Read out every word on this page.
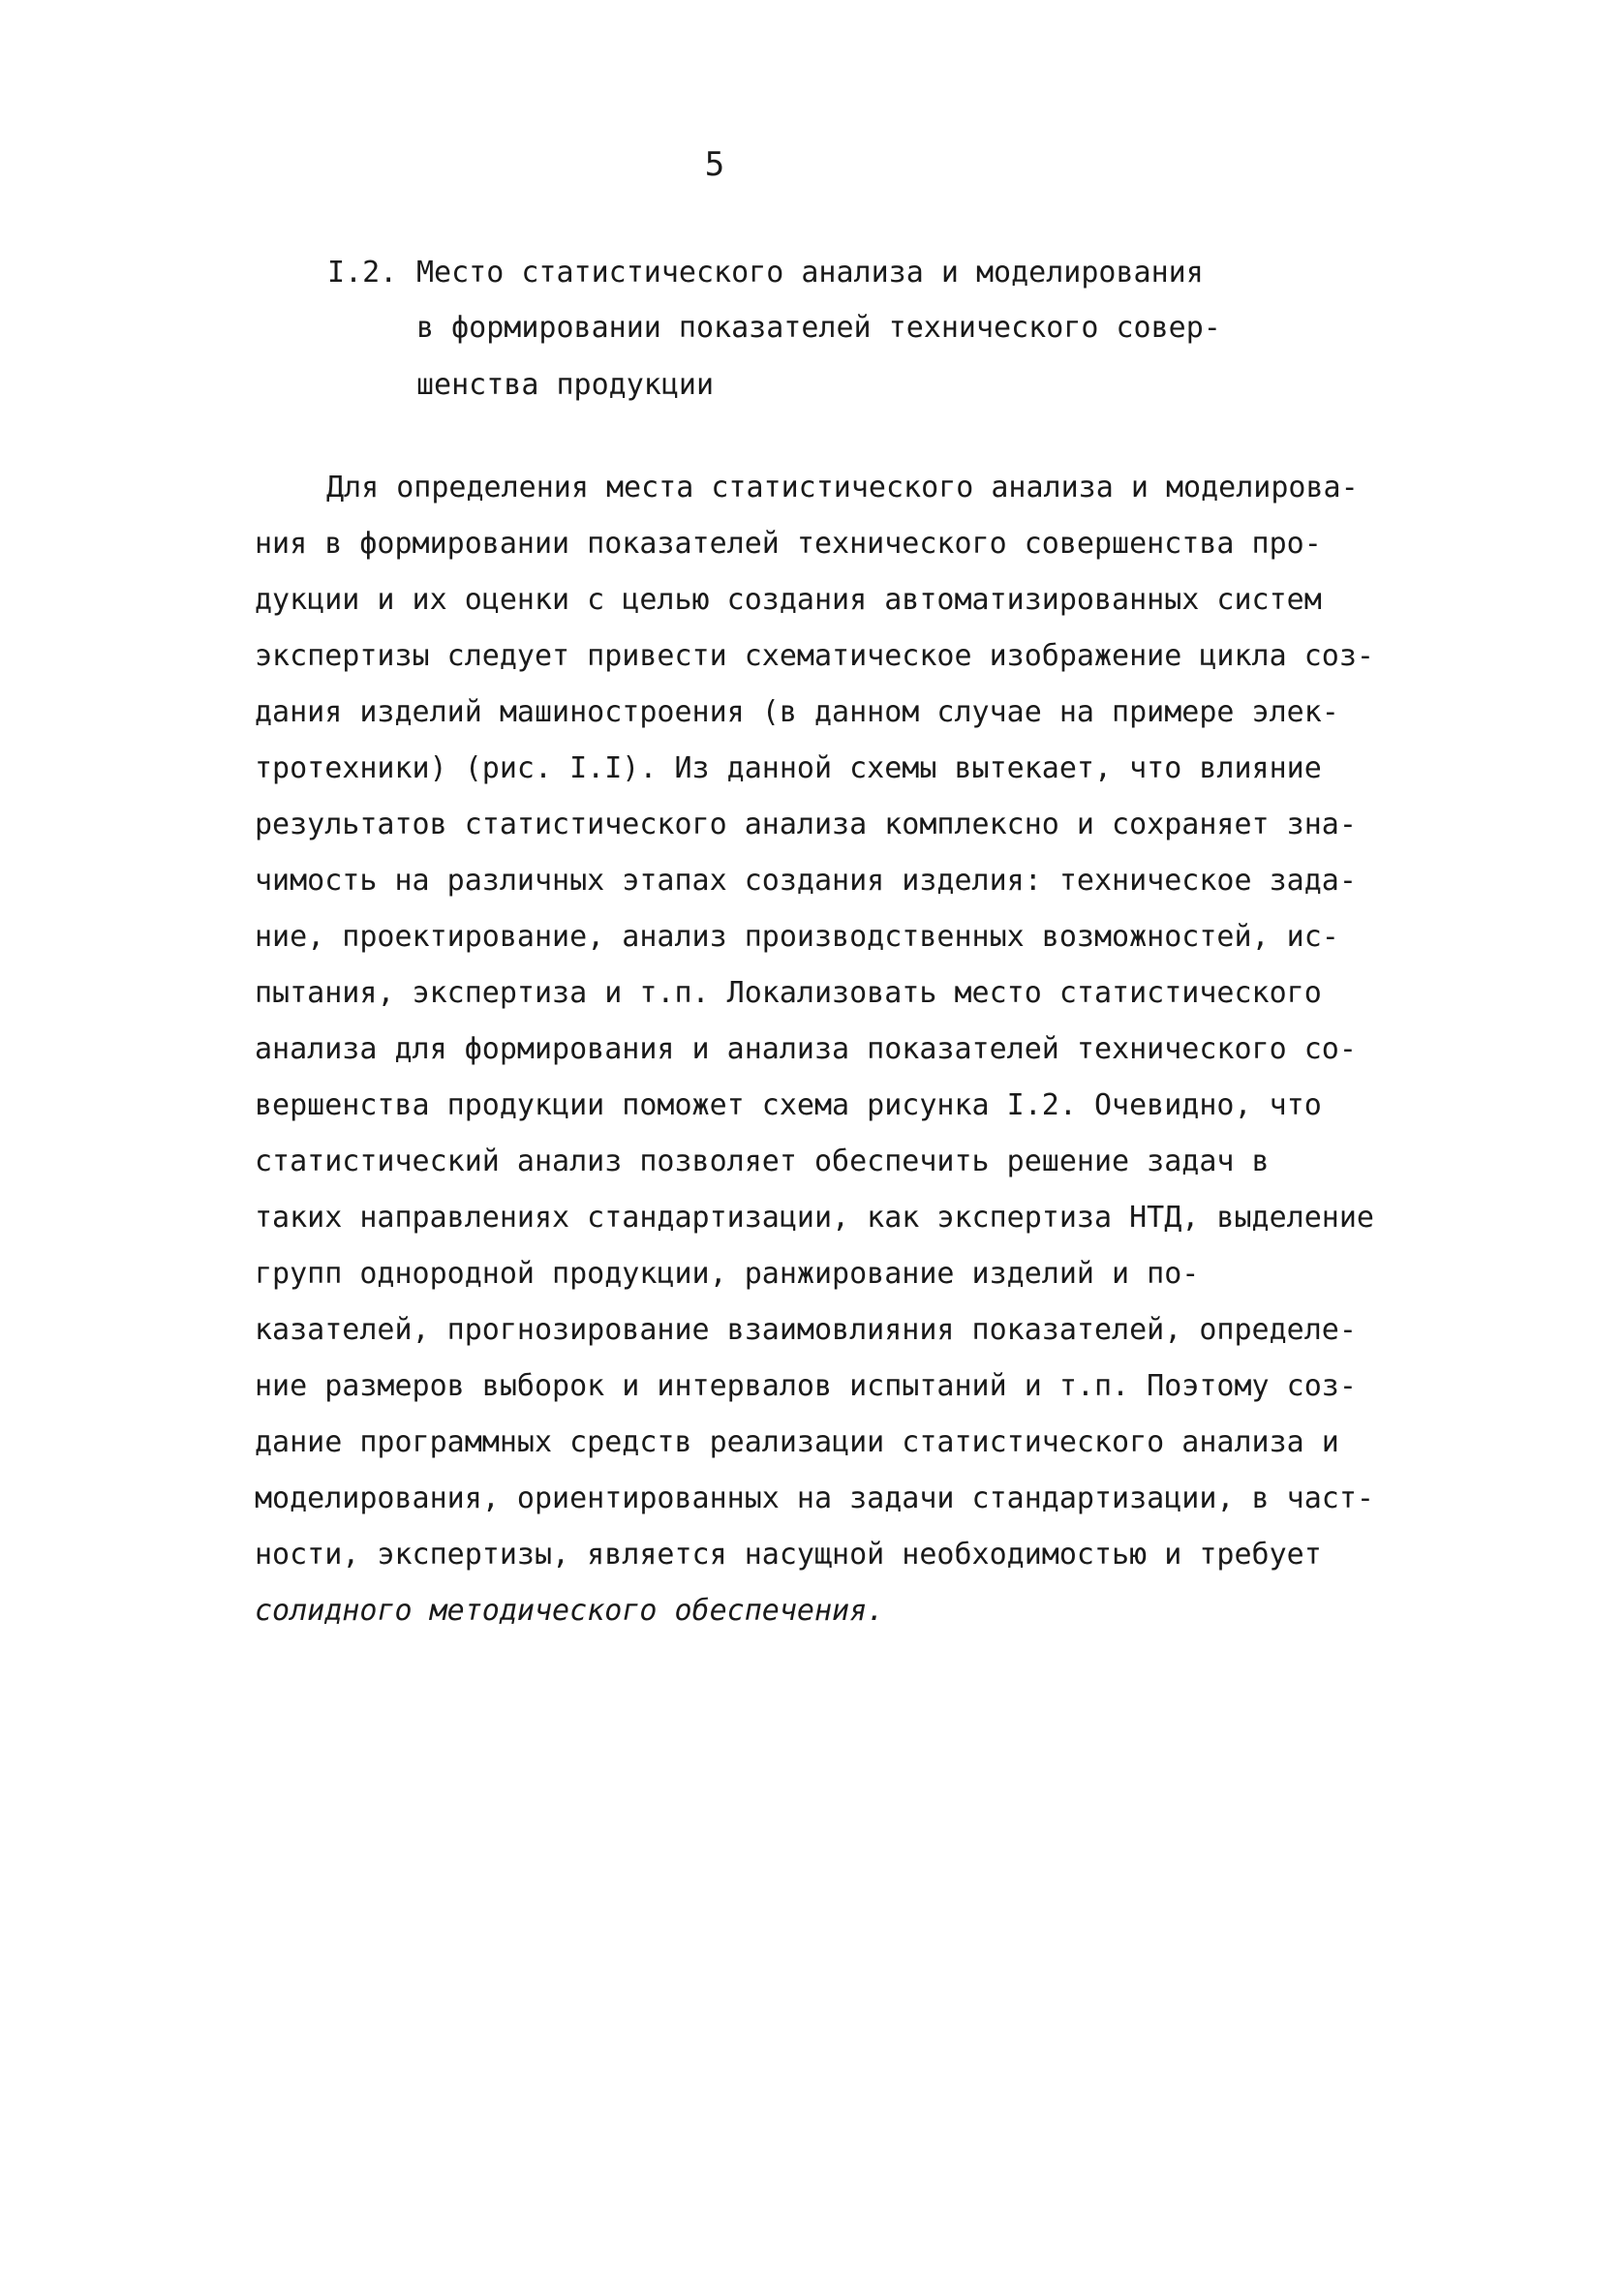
5
I.2. Место статистического анализа и моделирования
в формировании показателей технического совер-
шенства продукции
Для определения места статистического анализа и моделирова-
ния в формировании показателей технического совершенства про-
дукции и их оценки с целью создания автоматизированных систем
экспертизы следует привести схематическое изображение цикла соз-
дания изделий машиностроения (в данном случае на примере элек-
тротехники) (рис. I.I). Из данной схемы вытекает, что влияние
результатов статистического анализа комплексно и сохраняет зна-
чимость на различных этапах создания изделия: техническое зада-
ние, проектирование, анализ производственных возможностей, ис-
пытания, экспертиза и т.п. Локализовать место статистического
анализа для формирования и анализа показателей технического со-
вершенства продукции поможет схема рисунка I.2. Очевидно, что
статистический анализ позволяет обеспечить решение задач в
таких направлениях стандартизации, как экспертиза НТД, выделение
групп однородной продукции, ранжирование изделий и по-
казателей, прогнозирование взаимовлияния показателей, определе-
ние размеров выборок и интервалов испытаний и т.п. Поэтому соз-
дание программных средств реализации статистического анализа и
моделирования, ориентированных на задачи стандартизации, в част-
ности, экспертизы, является насущной необходимостью и требует
солидного методического обеспечения.
